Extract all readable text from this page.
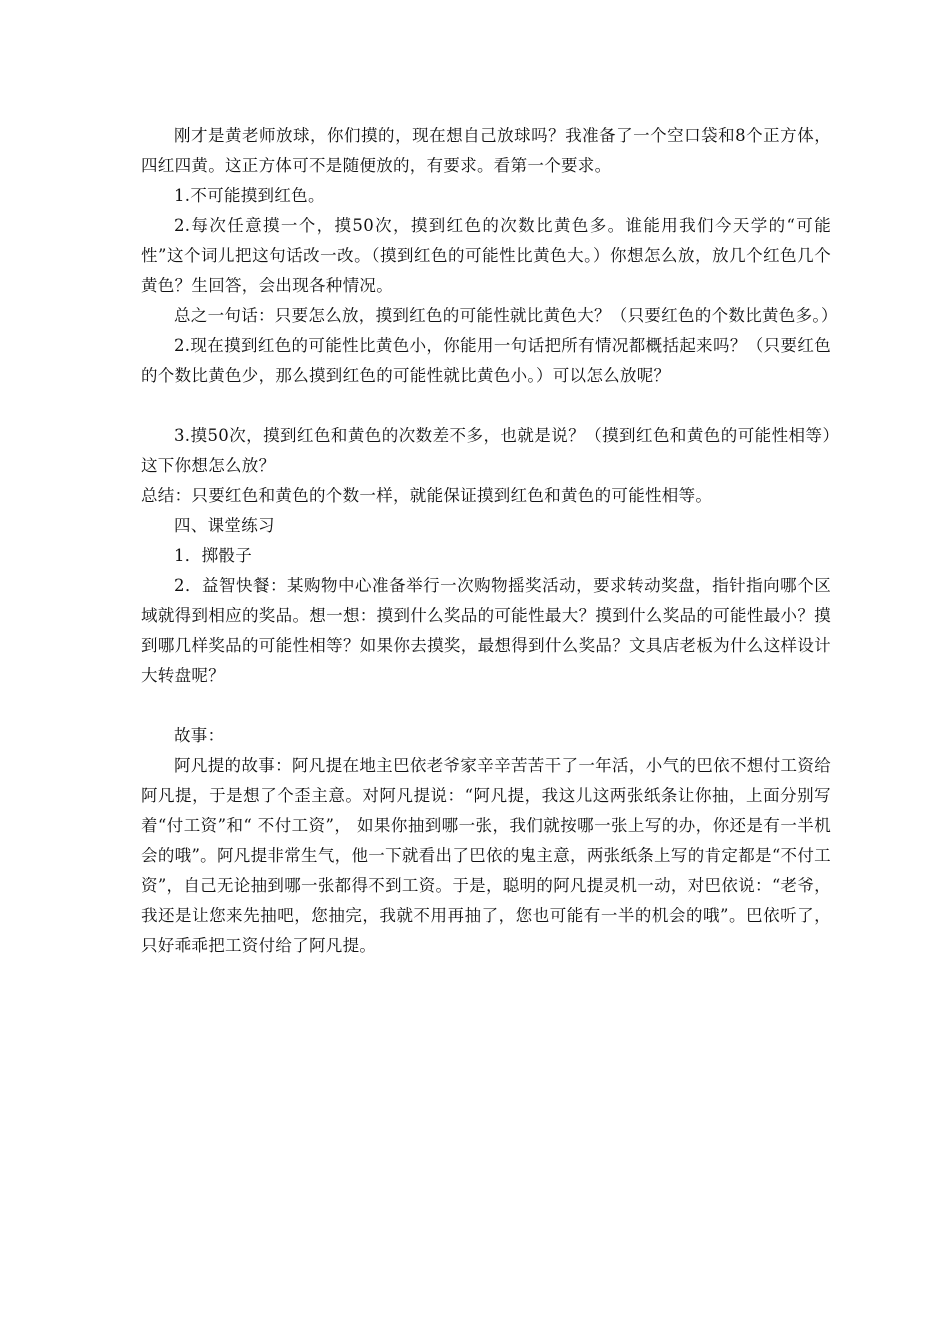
刚才是黄老师放球，你们摸的，现在想自己放球吗？我准备了一个空口袋和8个正方体，四红四黄。这正方体可不是随便放的，有要求。看第一个要求。

1.不可能摸到红色。

2.每次任意摸一个，摸50次，摸到红色的次数比黄色多。谁能用我们今天学的“可能性”这个词儿把这句话改一改。（摸到红色的可能性比黄色大。）你想怎么放，放几个红色几个黄色？生回答，会出现各种情况。

总之一句话：只要怎么放，摸到红色的可能性就比黄色大？（只要红色的个数比黄色多。）

2.现在摸到红色的可能性比黄色小，你能用一句话把所有情况都概括起来吗？（只要红色的个数比黄色少，那么摸到红色的可能性就比黄色小。）可以怎么放呢？

3.摸50次，摸到红色和黄色的次数差不多，也就是说？（摸到红色和黄色的可能性相等）这下你想怎么放？

总结：只要红色和黄色的个数一样，就能保证摸到红色和黄色的可能性相等。

四、课堂练习

1．掷骰子

2．益智快餐：某购物中心准备举行一次购物摇奖活动，要求转动奖盘，指针指向哪个区域就得到相应的奖品。想一想：摸到什么奖品的可能性最大？摸到什么奖品的可能性最小？摸到哪几样奖品的可能性相等？如果你去摸奖，最想得到什么奖品？文具店老板为什么这样设计大转盘呢？

故事：

阿凡提的故事：阿凡提在地主巴依老爷家辛辛苦苦干了一年活，小气的巴依不想付工资给阿凡提，于是想了个歪主意。对阿凡提说：“阿凡提，我这儿这两张纸条让你抽，上面分别写着“付工资”和“ 不付工资”， 如果你抽到哪一张，我们就按哪一张上写的办，你还是有一半机会的哦”。阿凡提非常生气，他一下就看出了巴依的鬼主意，两张纸条上写的肯定都是“不付工资”，自己无论抽到哪一张都得不到工资。于是，聪明的阿凡提灵机一动，对巴依说：“老爷，我还是让您来先抽吧，您抽完，我就不用再抽了，您也可能有一半的机会的哦”。巴依听了，只好乖乖把工资付给了阿凡提。
